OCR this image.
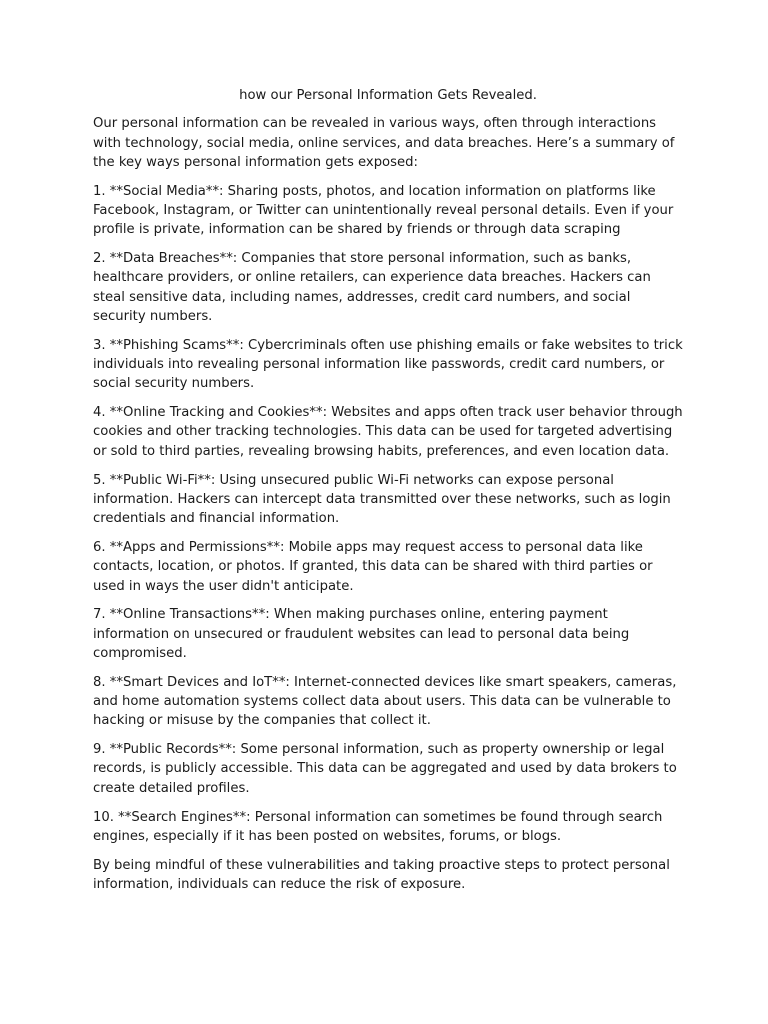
how our Personal Information Gets Revealed.

Our personal information can be revealed in various ways, often through interactions with technology, social media, online services, and data breaches. Here’s a summary of the key ways personal information gets exposed:

1. **Social Media**: Sharing posts, photos, and location information on platforms like Facebook, Instagram, or Twitter can unintentionally reveal personal details. Even if your profile is private, information can be shared by friends or through data scraping

2. **Data Breaches**: Companies that store personal information, such as banks, healthcare providers, or online retailers, can experience data breaches. Hackers can steal sensitive data, including names, addresses, credit card numbers, and social security numbers.

3. **Phishing Scams**: Cybercriminals often use phishing emails or fake websites to trick individuals into revealing personal information like passwords, credit card numbers, or social security numbers.

4. **Online Tracking and Cookies**: Websites and apps often track user behavior through cookies and other tracking technologies. This data can be used for targeted advertising or sold to third parties, revealing browsing habits, preferences, and even location data.

5. **Public Wi-Fi**: Using unsecured public Wi-Fi networks can expose personal information. Hackers can intercept data transmitted over these networks, such as login credentials and financial information.

6. **Apps and Permissions**: Mobile apps may request access to personal data like contacts, location, or photos. If granted, this data can be shared with third parties or used in ways the user didn't anticipate.

7. **Online Transactions**: When making purchases online, entering payment information on unsecured or fraudulent websites can lead to personal data being compromised.

8. **Smart Devices and IoT**: Internet-connected devices like smart speakers, cameras, and home automation systems collect data about users. This data can be vulnerable to hacking or misuse by the companies that collect it.

9. **Public Records**: Some personal information, such as property ownership or legal records, is publicly accessible. This data can be aggregated and used by data brokers to create detailed profiles.

10. **Search Engines**: Personal information can sometimes be found through search engines, especially if it has been posted on websites, forums, or blogs.

By being mindful of these vulnerabilities and taking proactive steps to protect personal information, individuals can reduce the risk of exposure.
